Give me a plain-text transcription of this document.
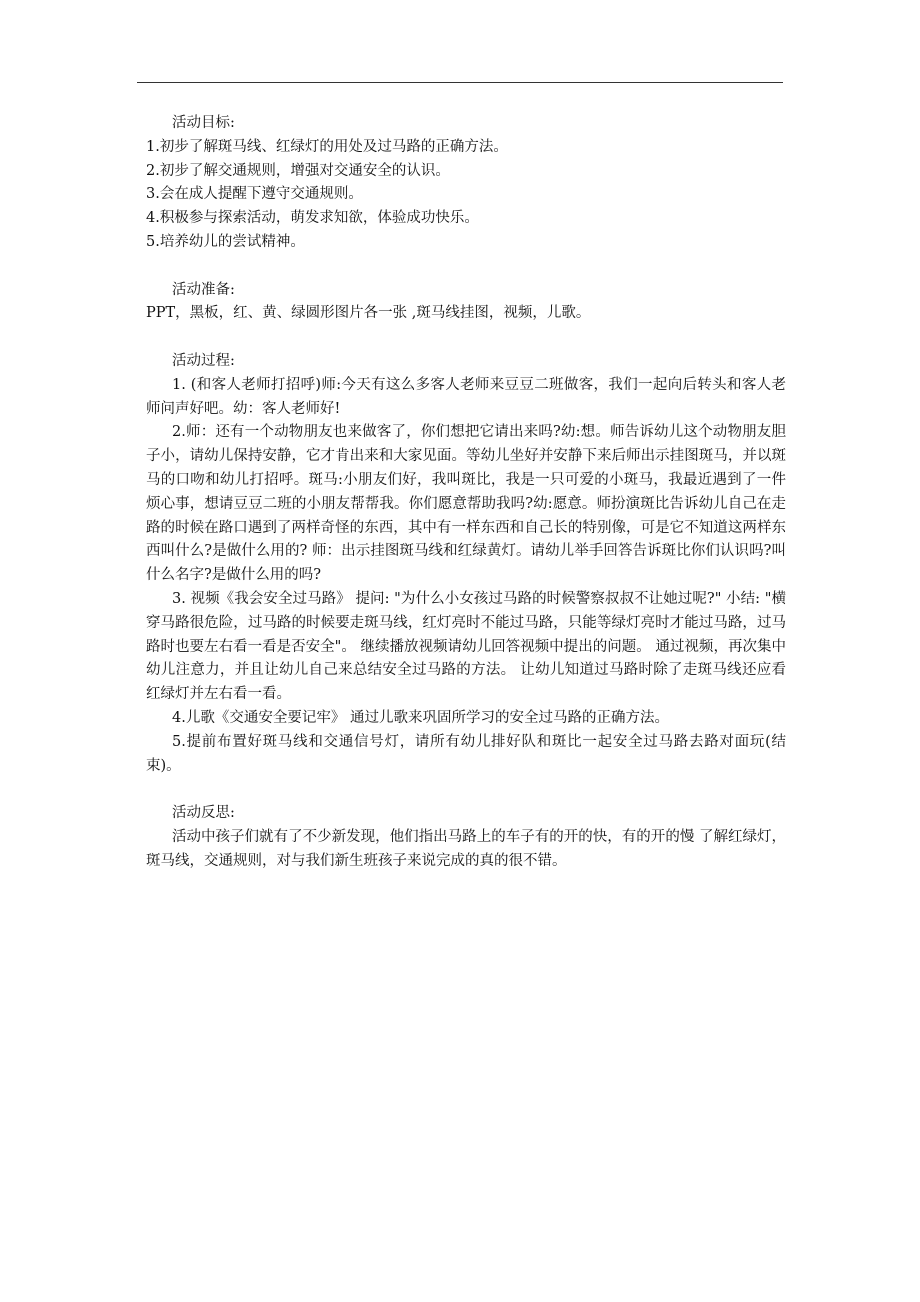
活动目标:
1.初步了解斑马线、红绿灯的用处及过马路的正确方法。
2.初步了解交通规则，增强对交通安全的认识。
3.会在成人提醒下遵守交通规则。
4.积极参与探索活动，萌发求知欲，体验成功快乐。
5.培养幼儿的尝试精神。
活动准备:
PPT，黑板，红、黄、绿圆形图片各一张 ,斑马线挂图，视频，儿歌。
活动过程:
1. (和客人老师打招呼)师:今天有这么多客人老师来豆豆二班做客，我们一起向后转头和客人老师问声好吧。幼：客人老师好!
2.师：还有一个动物朋友也来做客了，你们想把它请出来吗?幼:想。师告诉幼儿这个动物朋友胆子小，请幼儿保持安静，它才肯出来和大家见面。等幼儿坐好并安静下来后师出示挂图斑马，并以斑马的口吻和幼儿打招呼。斑马:小朋友们好，我叫斑比，我是一只可爱的小斑马，我最近遇到了一件烦心事，想请豆豆二班的小朋友帮帮我。你们愿意帮助我吗?幼:愿意。师扮演斑比告诉幼儿自己在走路的时候在路口遇到了两样奇怪的东西，其中有一样东西和自己长的特别像，可是它不知道这两样东西叫什么?是做什么用的? 师：出示挂图斑马线和红绿黄灯。请幼儿举手回答告诉斑比你们认识吗?叫什么名字?是做什么用的吗?
3. 视频《我会安全过马路》 提问: "为什么小女孩过马路的时候警察叔叔不让她过呢?" 小结: "横穿马路很危险，过马路的时候要走斑马线，红灯亮时不能过马路，只能等绿灯亮时才能过马路，过马路时也要左右看一看是否安全"。 继续播放视频请幼儿回答视频中提出的问题。 通过视频，再次集中幼儿注意力，并且让幼儿自己来总结安全过马路的方法。 让幼儿知道过马路时除了走斑马线还应看红绿灯并左右看一看。
4.儿歌《交通安全要记牢》 通过儿歌来巩固所学习的安全过马路的正确方法。
5.提前布置好斑马线和交通信号灯，请所有幼儿排好队和斑比一起安全过马路去路对面玩(结束)。
活动反思:
活动中孩子们就有了不少新发现，他们指出马路上的车子有的开的快，有的开的慢 了解红绿灯，斑马线，交通规则，对与我们新生班孩子来说完成的真的很不错。
